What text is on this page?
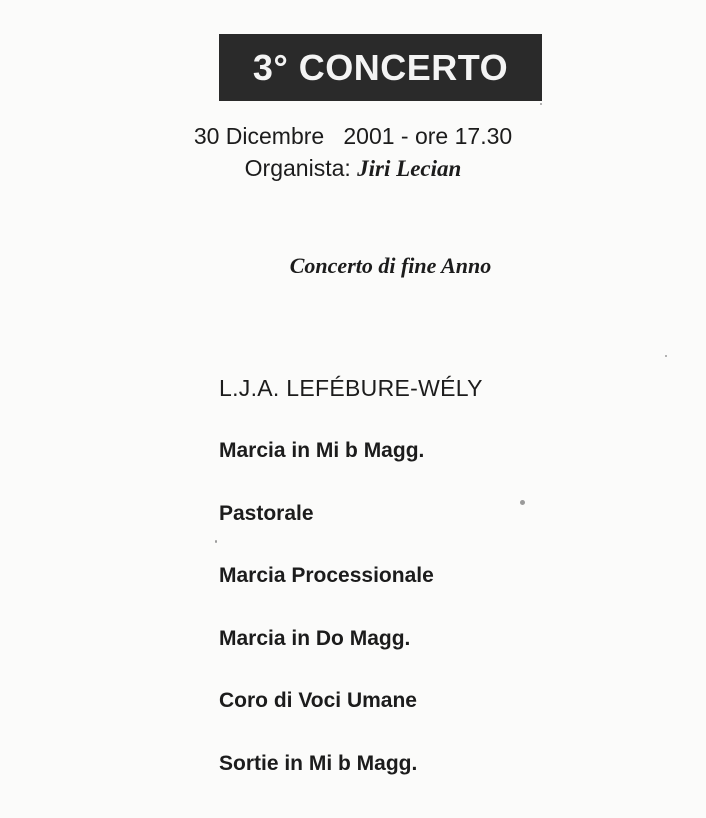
3° CONCERTO
30 Dicembre   2001 - ore 17.30
Organista: Jiri Lecian
Concerto di fine Anno
L.J.A. LEFÉBURE-WÉLY
Marcia in Mi b Magg.
Pastorale
Marcia Processionale
Marcia in Do Magg.
Coro di Voci Umane
Sortie in Mi b Magg.
